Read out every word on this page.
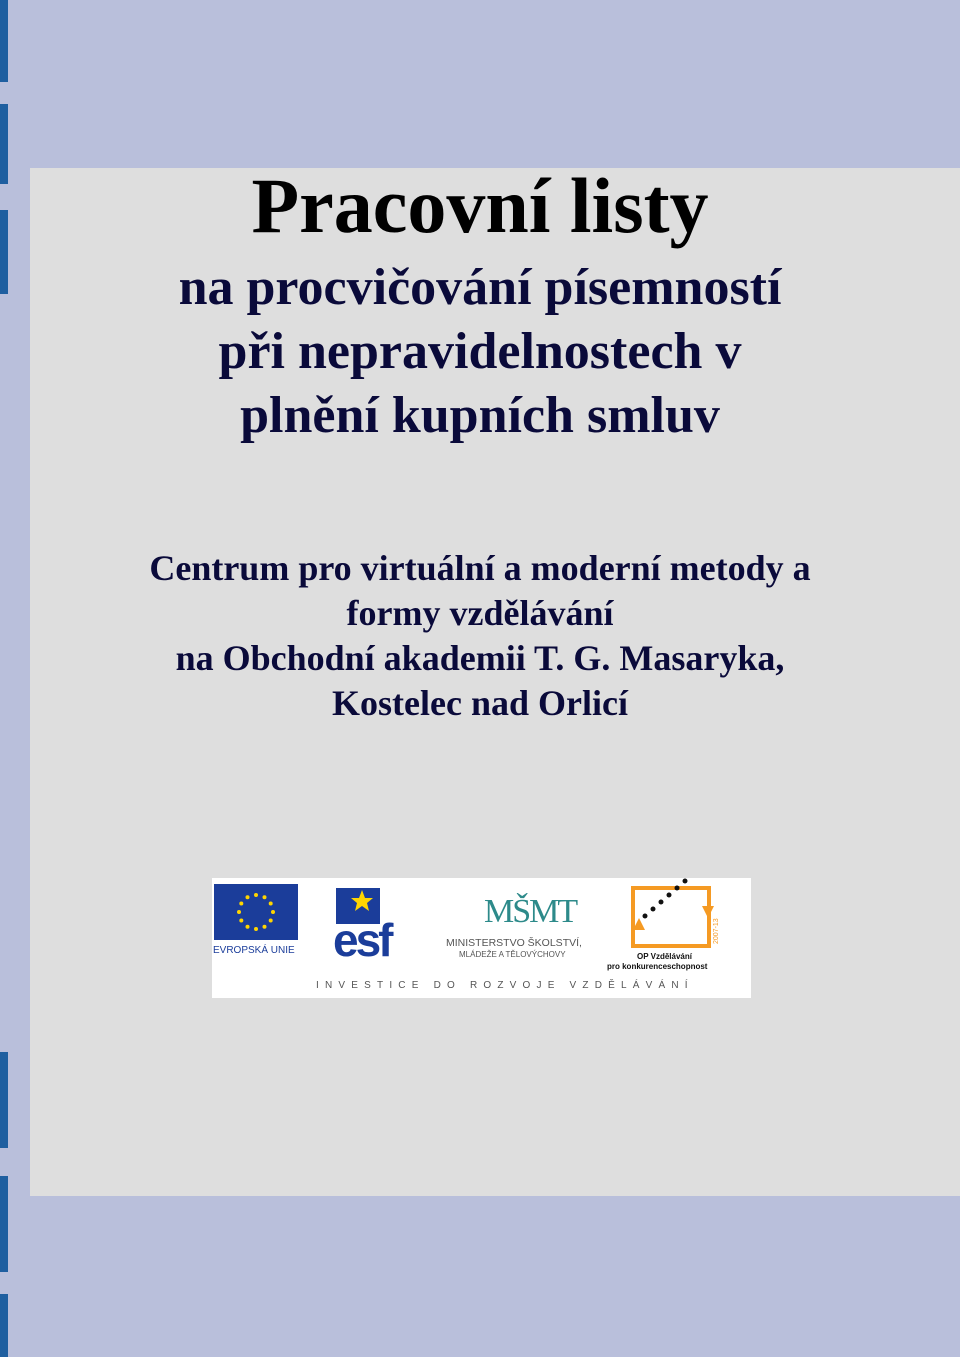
Pracovní listy
na procvičování písemností
při nepravidelnostech v
plnění kupních smluv
Centrum pro virtuální a moderní metody a
formy vzdělávání
na Obchodní akademii T. G. Masaryka,
Kostelec nad Orlicí
EVROPSKÁ UNIE esf
MŠMT
MINISTERSTVO ŠKOLSTVÍ,
MLÁDEŽE A TĚLOVÝCHOVY
2007-13
OP Vzdělávání
pro konkurenceschopnost
INVESTICE DO ROZVOJE VZDĚLÁVÁNÍ
